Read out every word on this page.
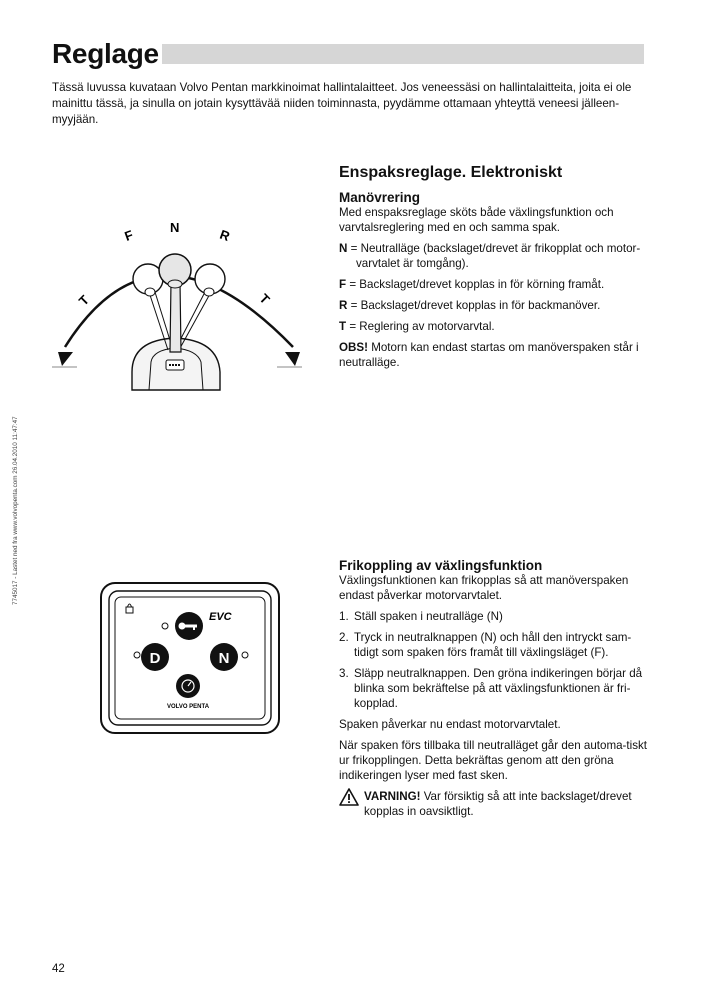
Reglage

Tässä luvussa kuvataan Volvo Pentan markkinoimat hallintalaitteet. Jos veneessäsi on hallintalaitteita, joita ei ole mainittu tässä, ja sinulla on jotain kysyttävää niiden toiminnasta, pyydämme ottamaan yhteyttä veneesi jälleen-myyjään.

7745017 - Lastet ned fra www.volvopenta.com 26.04.2010 11:47:47
F	N	R
T	T
Enspaksreglage. Elektroniskt
Manövrering

Med enspaksreglage sköts både växlingsfunktion och varvtalsreglering med en och samma spak.

N = Neutralläge (backslaget/drevet är frikopplat och motor-varvtalet är tomgång).

F = Backslaget/drevet kopplas in för körning framåt.

R = Backslaget/drevet kopplas in för backmanöver.

T = Reglering av motorvarvtal.

OBS! Motorn kan endast startas om manöverspaken står i neutralläge.

EVC
D	N
VOLVO PENTA
Frikoppling av växlingsfunktion

Växlingsfunktionen kan frikopplas så att manöverspaken endast påverkar motorvarvtalet.

1. Ställ spaken i neutralläge (N)
2. Tryck in neutralknappen (N) och håll den intryckt sam-tidigt som spaken förs framåt till växlingsläget (F).
3. Släpp neutralknappen. Den gröna indikeringen börjar då blinka som bekräftelse på att växlingsfunktionen är fri-kopplad.

Spaken påverkar nu endast motorvarvtalet.

När spaken förs tillbaka till neutralläget går den automa-tiskt ur frikopplingen. Detta bekräftas genom att den gröna indikeringen lyser med fast sken.

VARNING! Var försiktig så att inte backslaget/drevet kopplas in oavsiktligt.
42
